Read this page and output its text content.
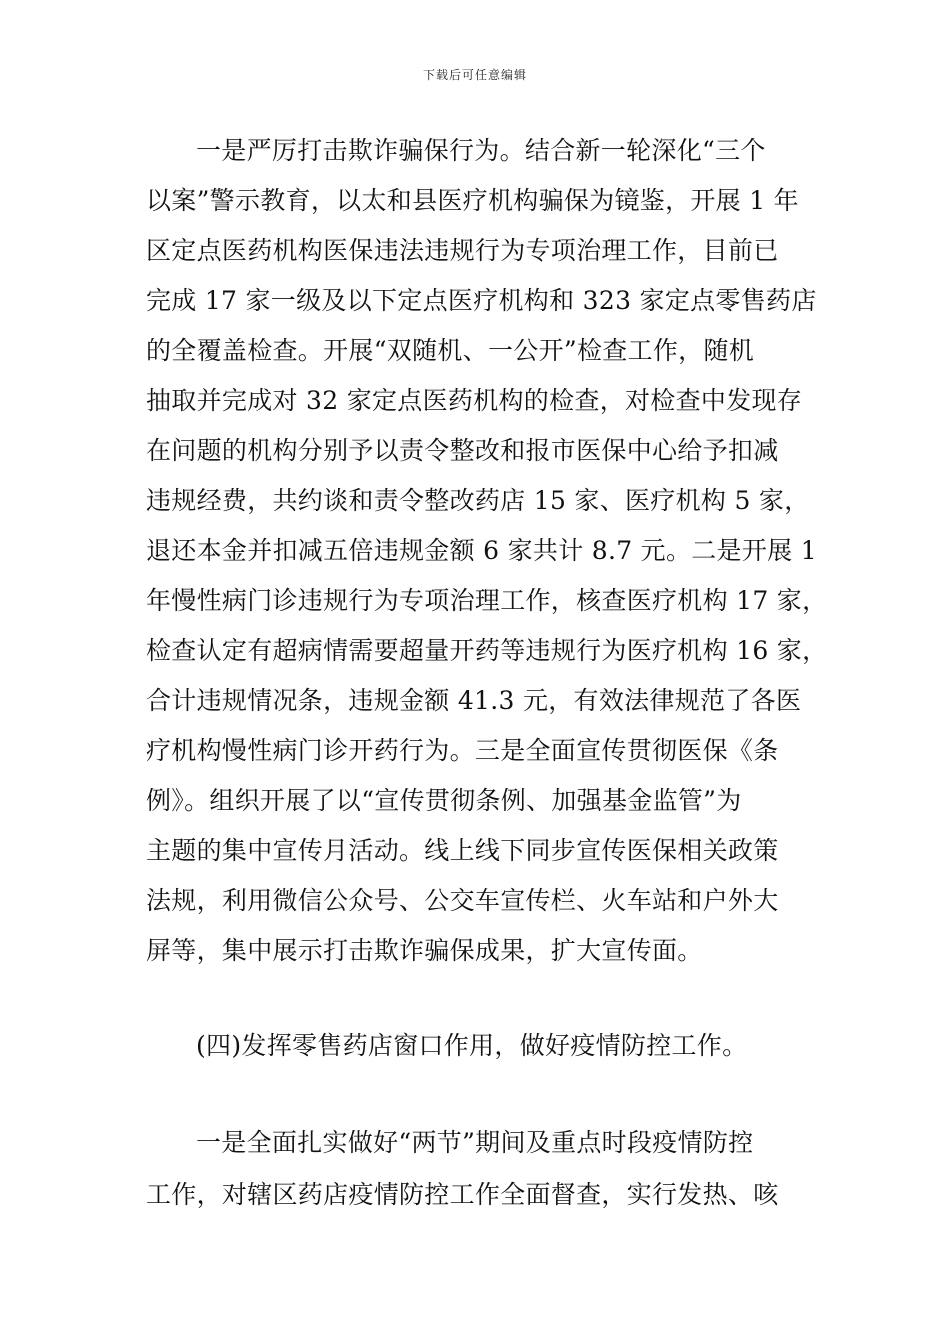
下载后可任意编辑
一是严厉打击欺诈骗保行为。结合新一轮深化“三个
以案”警示教育，以太和县医疗机构骗保为镜鉴，开展 1 年
区定点医药机构医保违法违规行为专项治理工作，目前已
完成 17 家一级及以下定点医疗机构和 323 家定点零售药店
的全覆盖检查。开展“双随机、一公开”检查工作，随机
抽取并完成对 32 家定点医药机构的检查，对检查中发现存
在问题的机构分别予以责令整改和报市医保中心给予扣减
违规经费，共约谈和责令整改药店 15 家、医疗机构 5 家，
退还本金并扣减五倍违规金额 6 家共计 8.7 元。二是开展 1
年慢性病门诊违规行为专项治理工作，核查医疗机构 17 家，
检查认定有超病情需要超量开药等违规行为医疗机构 16 家，
合计违规情况条，违规金额 41.3 元，有效法律规范了各医
疗机构慢性病门诊开药行为。三是全面宣传贯彻医保《条
例》。组织开展了以“宣传贯彻条例、加强基金监管”为
主题的集中宣传月活动。线上线下同步宣传医保相关政策
法规，利用微信公众号、公交车宣传栏、火车站和户外大
屏等，集中展示打击欺诈骗保成果，扩大宣传面。
(四)发挥零售药店窗口作用，做好疫情防控工作。
一是全面扎实做好“两节”期间及重点时段疫情防控
工作，对辖区药店疫情防控工作全面督查，实行发热、咳
